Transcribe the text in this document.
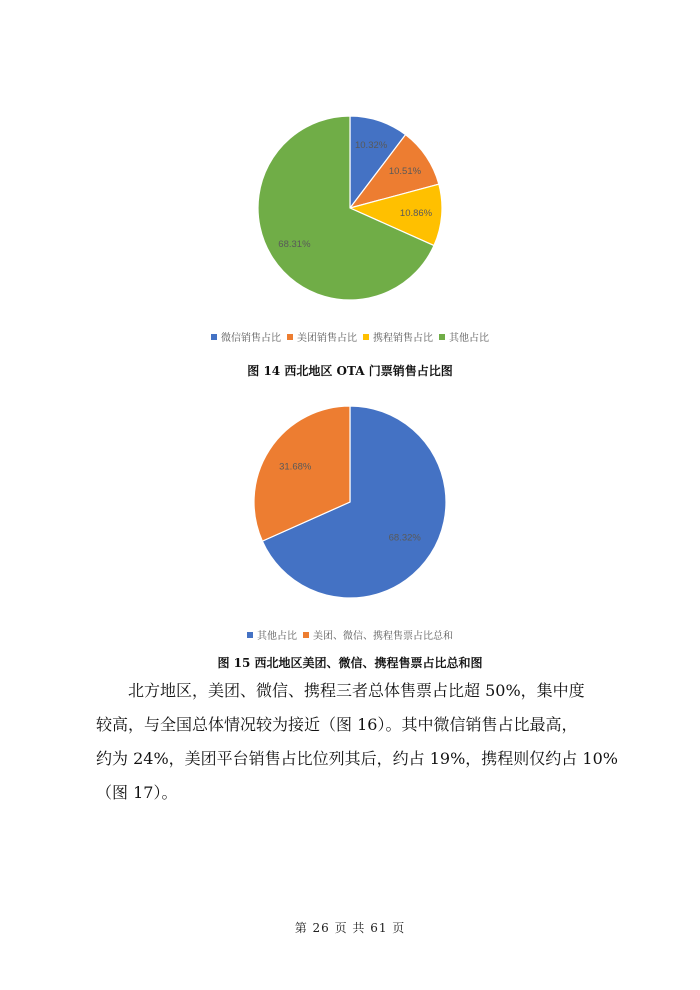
10.32%
10.51%
10.86%
68.31%
微信销售占比 美团销售占比 携程销售占比 其他占比
图 14 西北地区 OTA 门票销售占比图
68.32%
31.68%
其他占比 美团、微信、携程售票占比总和
图 15 西北地区美团、微信、携程售票占比总和图
北方地区，美团、微信、携程三者总体售票占比超 50%，集中度
较高，与全国总体情况较为接近（图 16）。其中微信销售占比最高，
约为 24%，美团平台销售占比位列其后，约占 19%，携程则仅约占 10%
（图 17）。
第 26 页 共 61 页
